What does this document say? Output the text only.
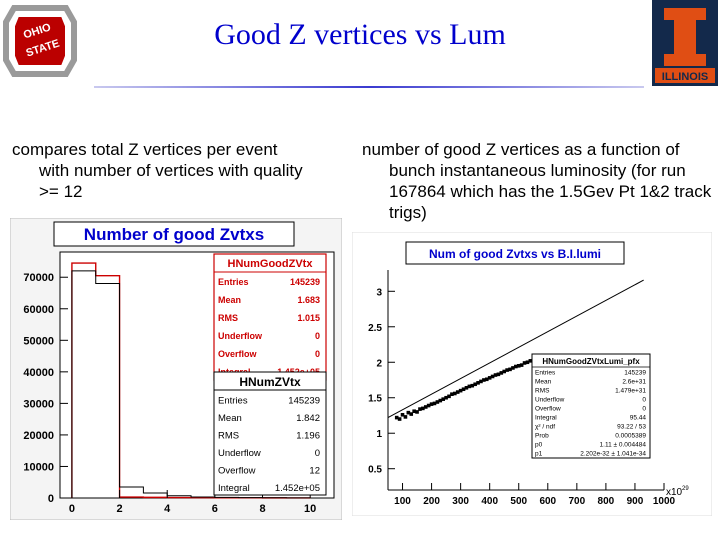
OHIO
STATE
ILLINOIS
Good Z vertices vs Lum
compares total Z vertices per event with number of vertices with quality >= 12
number of good Z vertices as a function of bunch instantaneous luminosity (for run 167864 which has the 1.5Gev Pt 1&2 track trigs)
Number of good Zvtxs
0	2	4	6	8	10
0
10000
20000
30000
40000
50000
60000
70000
HNumGoodZVtx
Entries	145239
Mean	1.683
RMS	1.015
Underflow	0
Overflow	0
HNumZVtx
Entries	145239
Mean	1.842
RMS	1.196
Underflow	0
Overflow	12
Integral	1.452e+05
Num of good Zvtxs vs B.I.lumi
100 200 300 400 500 600 700 800 900 1000
x10 29
0.5
1
1.5
2
2.5
3
HNumGoodZVtxLumi_pfx
Entries	145239
Mean	2.6e+31
RMS	1.479e+31
Underflow	0
Overflow	0
Integral	95.44
χ² / ndf	93.22 / 53
Prob	0.0005389
p0	1.11 ± 0.004484
p1	2.202e-32 ± 1.041e-34
